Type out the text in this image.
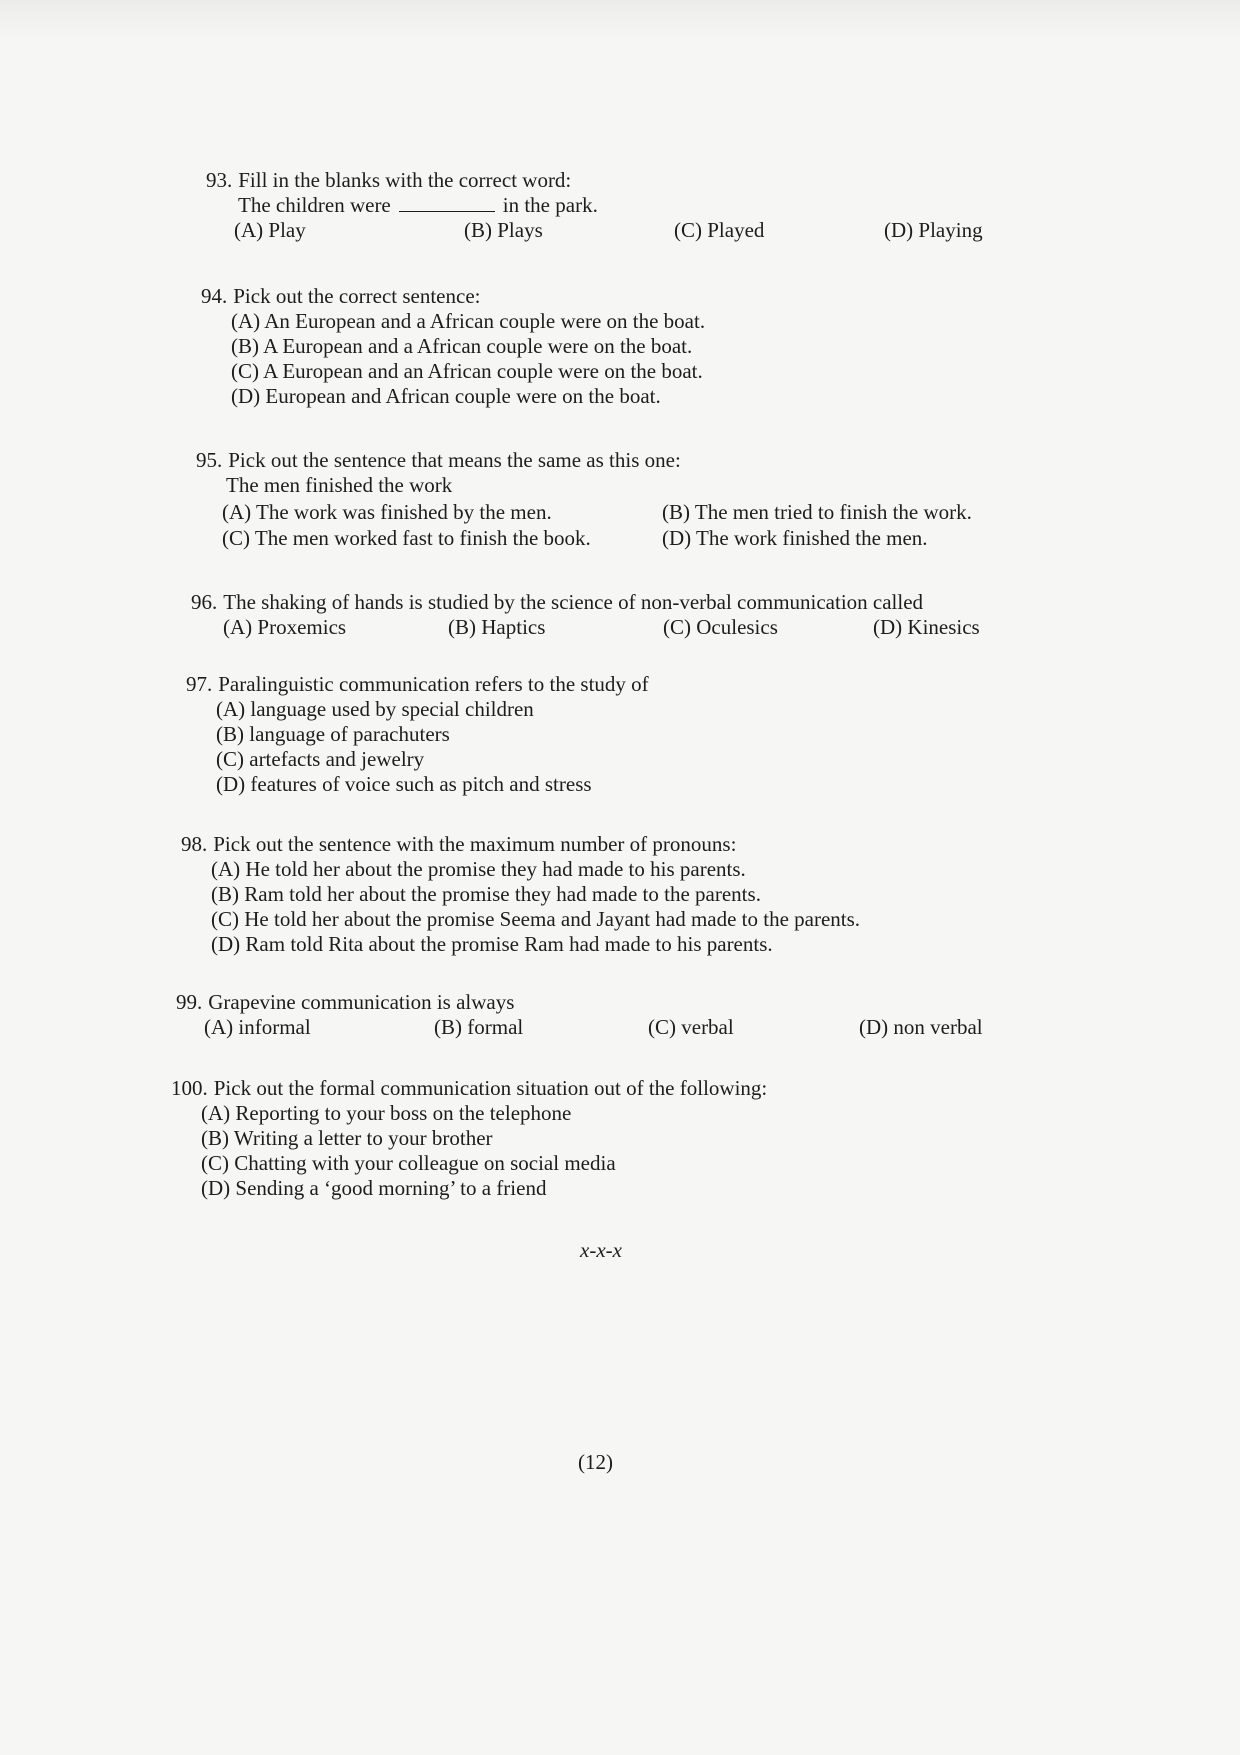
93. Fill in the blanks with the correct word:
The children were	in the park.
(A) Play	(B) Plays	(C) Played	(D) Playing
94. Pick out the correct sentence:
(A) An European and a African couple were on the boat.
(B) A European and a African couple were on the boat.
(C) A European and an African couple were on the boat.
(D) European and African couple were on the boat.
95. Pick out the sentence that means the same as this one:
The men finished the work
(A) The work was finished by the men.	(B) The men tried to finish the work.
(C) The men worked fast to finish the book.	(D) The work finished the men.
96. The shaking of hands is studied by the science of non-verbal communication called
(A) Proxemics	(B) Haptics	(C) Oculesics	(D) Kinesics
97. Paralinguistic communication refers to the study of
(A) language used by special children
(B) language of parachuters
(C) artefacts and jewelry
(D) features of voice such as pitch and stress
98. Pick out the sentence with the maximum number of pronouns:
(A) He told her about the promise they had made to his parents.
(B) Ram told her about the promise they had made to the parents.
(C) He told her about the promise Seema and Jayant had made to the parents.
(D) Ram told Rita about the promise Ram had made to his parents.
99. Grapevine communication is always
(A) informal	(B) formal	(C) verbal	(D) non verbal
100. Pick out the formal communication situation out of the following:
(A) Reporting to your boss on the telephone
(B) Writing a letter to your brother
(C) Chatting with your colleague on social media
(D) Sending a ‘good morning’ to a friend
x-x-x
(12)
